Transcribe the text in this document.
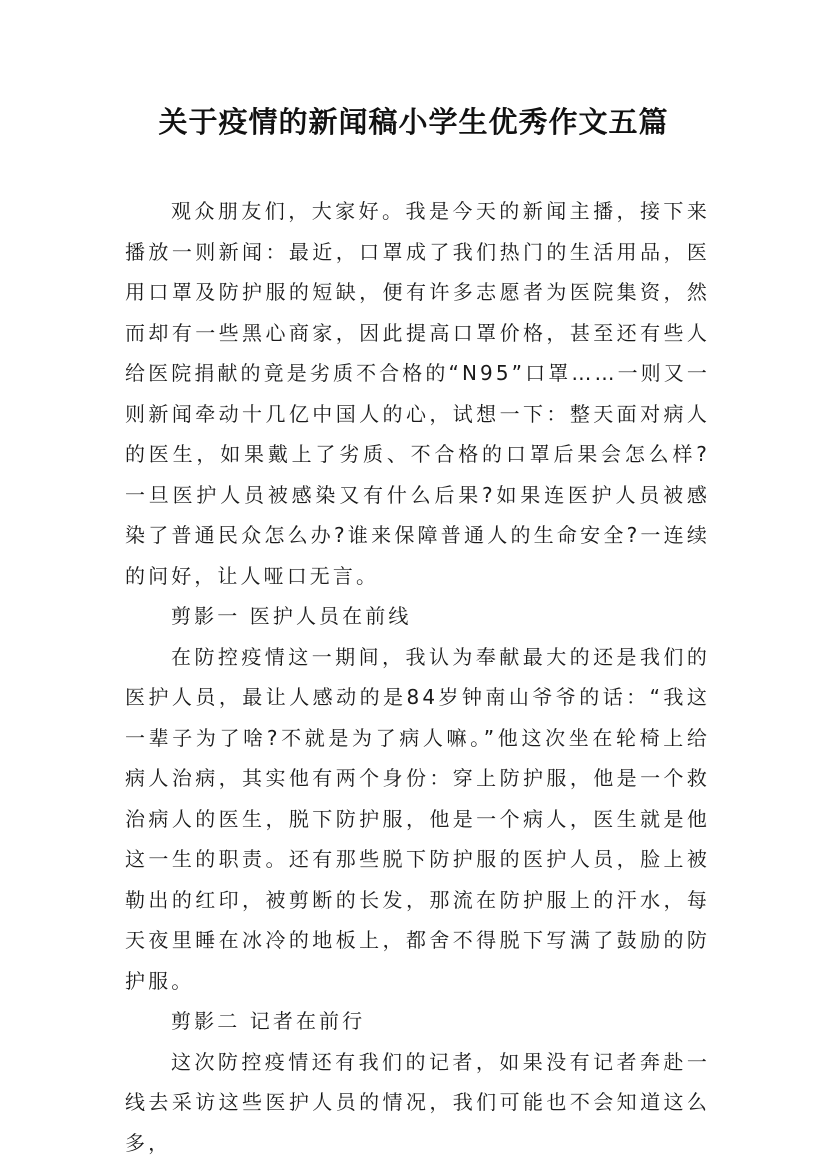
关于疫情的新闻稿小学生优秀作文五篇

观众朋友们，大家好。我是今天的新闻主播，接下来播放一则新闻：最近，口罩成了我们热门的生活用品，医用口罩及防护服的短缺，便有许多志愿者为医院集资，然而却有一些黑心商家，因此提高口罩价格，甚至还有些人给医院捐献的竟是劣质不合格的“N95”口罩……一则又一则新闻牵动十几亿中国人的心，试想一下：整天面对病人的医生，如果戴上了劣质、不合格的口罩后果会怎么样?一旦医护人员被感染又有什么后果?如果连医护人员被感染了普通民众怎么办?谁来保障普通人的生命安全?一连续的问好，让人哑口无言。

剪影一 医护人员在前线

在防控疫情这一期间，我认为奉献最大的还是我们的医护人员，最让人感动的是84岁钟南山爷爷的话：“我这一辈子为了啥?不就是为了病人嘛。”他这次坐在轮椅上给病人治病，其实他有两个身份：穿上防护服，他是一个救治病人的医生，脱下防护服，他是一个病人，医生就是他这一生的职责。还有那些脱下防护服的医护人员，脸上被勒出的红印，被剪断的长发，那流在防护服上的汗水，每天夜里睡在冰冷的地板上，都舍不得脱下写满了鼓励的防护服。

剪影二 记者在前行

这次防控疫情还有我们的记者，如果没有记者奔赴一线去采访这些医护人员的情况，我们可能也不会知道这么多，
